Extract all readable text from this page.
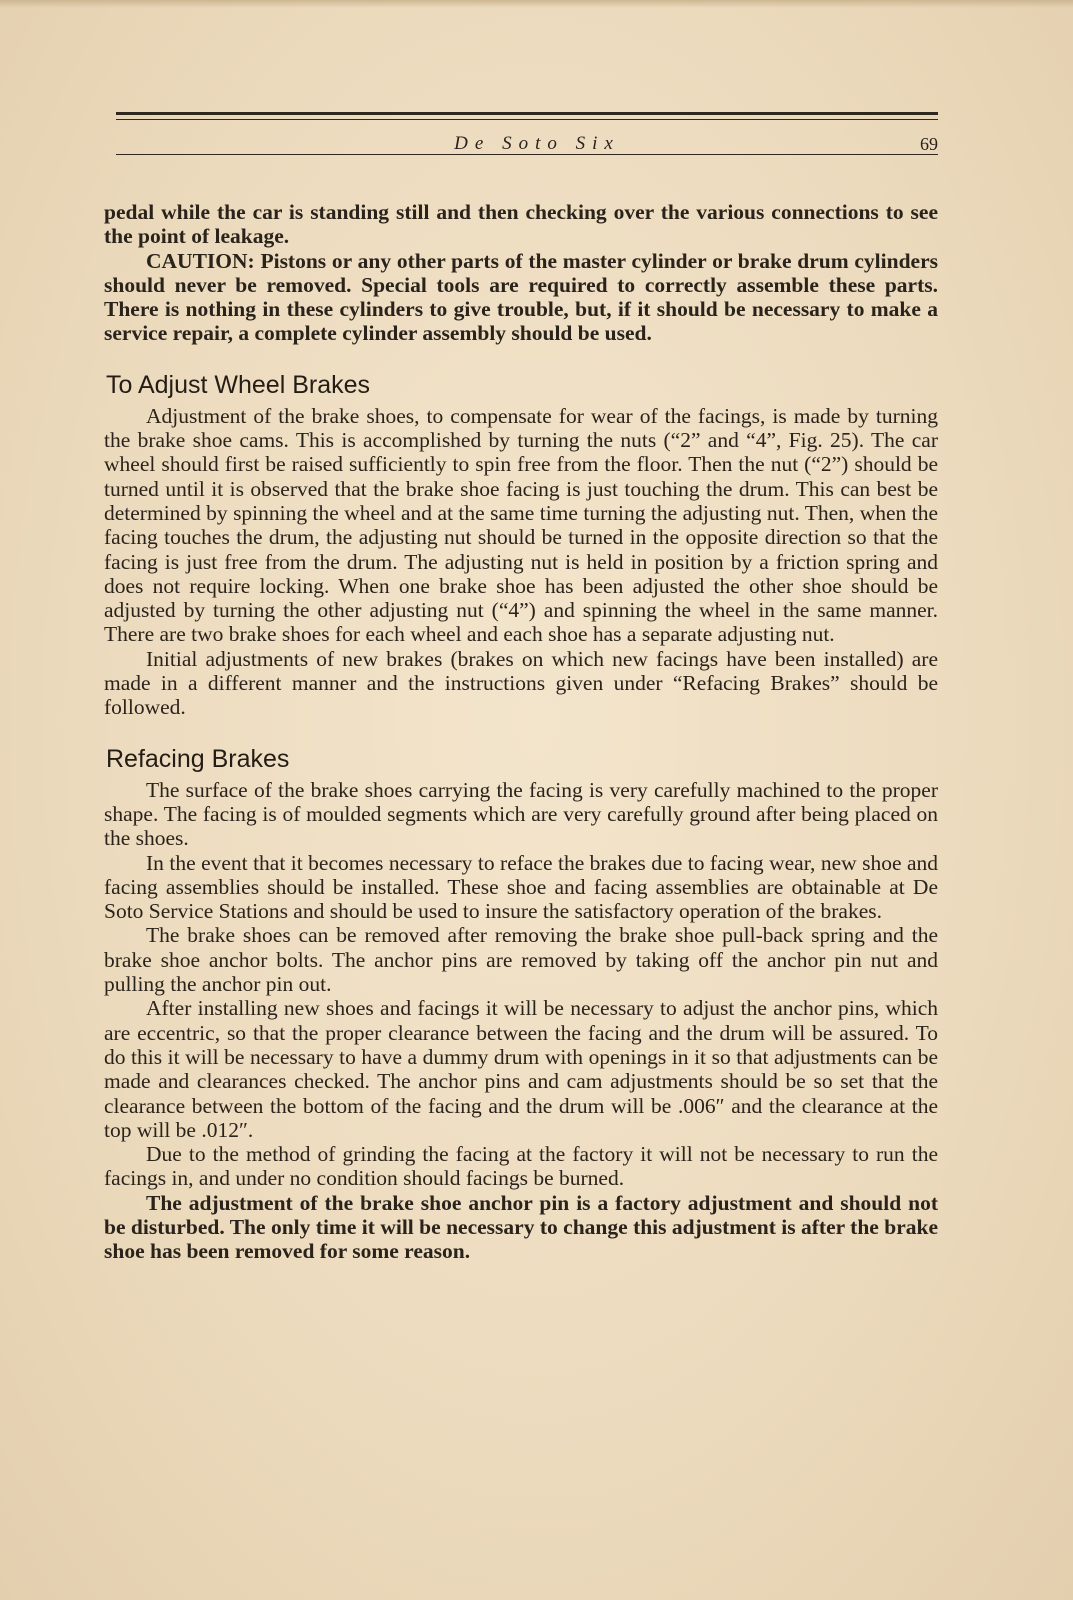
De Soto Six	69

pedal while the car is standing still and then checking over the various connections to see the point of leakage.

CAUTION: Pistons or any other parts of the master cylinder or brake drum cylinders should never be removed. Special tools are required to correctly assemble these parts. There is nothing in these cylinders to give trouble, but, if it should be necessary to make a service repair, a complete cylinder assembly should be used.

To Adjust Wheel Brakes

Adjustment of the brake shoes, to compensate for wear of the facings, is made by turning the brake shoe cams. This is accomplished by turning the nuts (“2” and “4”, Fig. 25). The car wheel should first be raised sufficiently to spin free from the floor. Then the nut (“2”) should be turned until it is observed that the brake shoe facing is just touching the drum. This can best be determined by spinning the wheel and at the same time turning the adjusting nut. Then, when the facing touches the drum, the adjusting nut should be turned in the opposite direction so that the facing is just free from the drum. The adjusting nut is held in position by a friction spring and does not require locking. When one brake shoe has been adjusted the other shoe should be adjusted by turning the other adjusting nut (“4”) and spinning the wheel in the same manner. There are two brake shoes for each wheel and each shoe has a separate adjusting nut.

Initial adjustments of new brakes (brakes on which new facings have been installed) are made in a different manner and the instructions given under “Refacing Brakes” should be followed.

Refacing Brakes

The surface of the brake shoes carrying the facing is very carefully machined to the proper shape. The facing is of moulded segments which are very carefully ground after being placed on the shoes.

In the event that it becomes necessary to reface the brakes due to facing wear, new shoe and facing assemblies should be installed. These shoe and facing assemblies are obtainable at De Soto Service Stations and should be used to insure the satisfactory operation of the brakes.

The brake shoes can be removed after removing the brake shoe pull-back spring and the brake shoe anchor bolts. The anchor pins are removed by taking off the anchor pin nut and pulling the anchor pin out.

After installing new shoes and facings it will be necessary to adjust the anchor pins, which are eccentric, so that the proper clearance between the facing and the drum will be assured. To do this it will be necessary to have a dummy drum with openings in it so that adjustments can be made and clearances checked. The anchor pins and cam adjustments should be so set that the clearance between the bottom of the facing and the drum will be .006″ and the clearance at the top will be .012″.

Due to the method of grinding the facing at the factory it will not be necessary to run the facings in, and under no condition should facings be burned.

The adjustment of the brake shoe anchor pin is a factory adjustment and should not be disturbed. The only time it will be necessary to change this adjustment is after the brake shoe has been removed for some reason.
